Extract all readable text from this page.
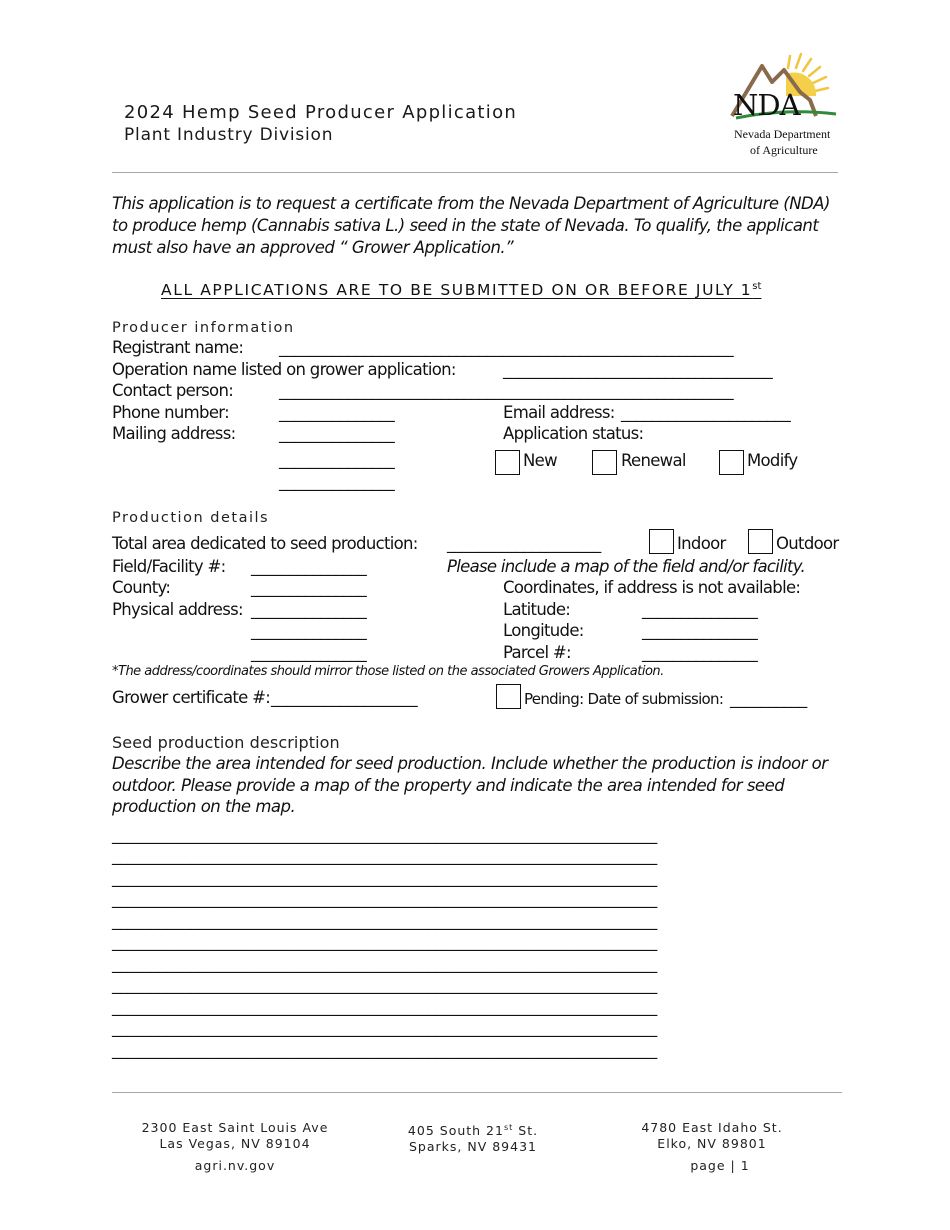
2024 Hemp Seed Producer Application
Plant Industry Division
NDA
Nevada Department
of Agriculture
This application is to request a certificate from the Nevada Department of Agriculture (NDA) to produce hemp (Cannabis sativa L.) seed in the state of Nevada. To qualify, the applicant must also have an approved “ Grower Application.”
ALL APPLICATIONS ARE TO BE SUBMITTED ON OR BEFORE JULY 1st
Producer information
Registrant name: ___________________________________________________________
Operation name listed on grower application:	___________________________________
Contact person:	___________________________________________________________
Phone number:	_______________	Email address: ______________________
Mailing address:	_______________	Application status:
_______________	New	Renewal	Modify
_______________
Production details
Total area dedicated to seed production: ____________________	Indoor	Outdoor
Field/Facility #: _______________	Please include a map of the field and/or facility.
County:	_______________	Coordinates, if address is not available:
Physical address: _______________	Latitude:	_______________
_______________	Longitude:	_______________
_______________	Parcel #:	_______________
*The address/coordinates should mirror those listed on the associated Growers Application.
Grower certificate #: ___________________	Pending: Date of submission: __________
Seed production description
Describe the area intended for seed production. Include whether the production is indoor or outdoor. Please provide a map of the property and indicate the area intended for seed production on the map.
_____________________________________________________________________
_____________________________________________________________________
_____________________________________________________________________
_____________________________________________________________________
_____________________________________________________________________
_____________________________________________________________________
_____________________________________________________________________
_____________________________________________________________________
_____________________________________________________________________
_____________________________________________________________________
_____________________________________________________________________
2300 East Saint Louis Ave
Las Vegas, NV 89104
405 South 21st St.
Sparks, NV 89431
4780 East Idaho St.
Elko, NV 89801
agri.nv.gov	page | 1
